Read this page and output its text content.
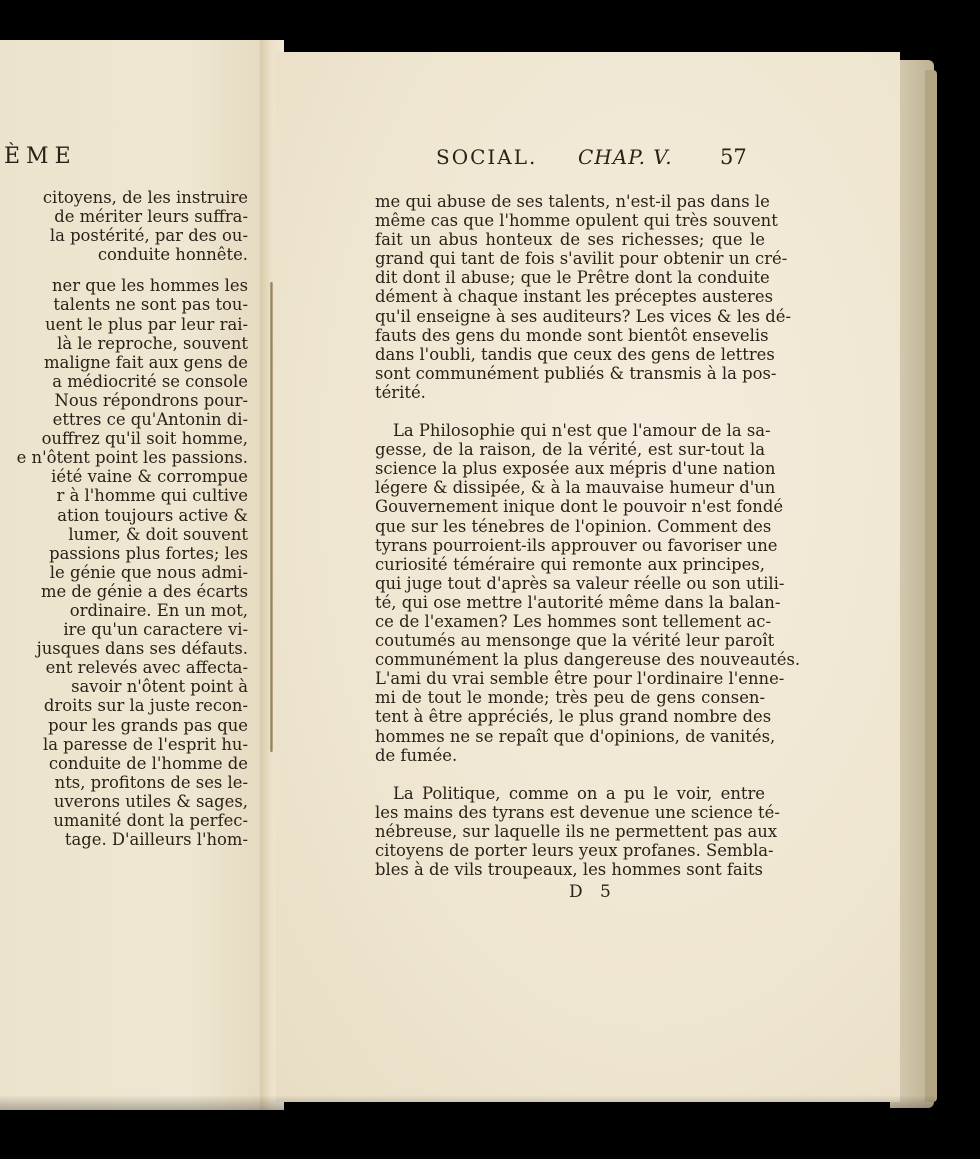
ÈME
citoyens, de les instruire
de mériter leurs suffra-
la postérité, par des ou-
conduite honnête.
ner que les hommes les
talents ne sont pas tou-
uent le plus par leur rai-
là le reproche, souvent
maligne fait aux gens de
a médiocrité se console
Nous répondrons pour-
ettres ce qu'Antonin di-
ouffrez qu'il soit homme,
e n'ôtent point les passions.
iété vaine & corrompue
r à l'homme qui cultive
ation toujours active &
lumer, & doit souvent
passions plus fortes; les
le génie que nous admi-
me de génie a des écarts
ordinaire. En un mot,
ire qu'un caractere vi-
jusques dans ses défauts.
ent relevés avec affecta-
savoir n'ôtent point à
droits sur la juste recon-
pour les grands pas que
la paresse de l'esprit hu-
conduite de l'homme de
nts, profitons de ses le-
uverons utiles & sages,
umanité dont la perfec-
tage. D'ailleurs l'hom-
SOCIAL. CHAP. V. 57
me qui abuse de ses talents, n'est-il pas dans le
même cas que l'homme opulent qui très souvent
fait un abus honteux de ses richesses; que le
grand qui tant de fois s'avilit pour obtenir un cré-
dit dont il abuse; que le Prêtre dont la conduite
dément à chaque instant les préceptes austeres
qu'il enseigne à ses auditeurs? Les vices & les dé-
fauts des gens du monde sont bientôt ensevelis
dans l'oubli, tandis que ceux des gens de lettres
sont communément publiés & transmis à la pos-
térité.
La Philosophie qui n'est que l'amour de la sa-
gesse, de la raison, de la vérité, est sur-tout la
science la plus exposée aux mépris d'une nation
légere & dissipée, & à la mauvaise humeur d'un
Gouvernement inique dont le pouvoir n'est fondé
que sur les ténebres de l'opinion. Comment des
tyrans pourroient-ils approuver ou favoriser une
curiosité téméraire qui remonte aux principes,
qui juge tout d'après sa valeur réelle ou son utili-
té, qui ose mettre l'autorité même dans la balan-
ce de l'examen? Les hommes sont tellement ac-
coutumés au mensonge que la vérité leur paroît
communément la plus dangereuse des nouveautés.
L'ami du vrai semble être pour l'ordinaire l'enne-
mi de tout le monde; très peu de gens consen-
tent à être appréciés, le plus grand nombre des
hommes ne se repaît que d'opinions, de vanités,
de fumée.
La Politique, comme on a pu le voir, entre
les mains des tyrans est devenue une science té-
nébreuse, sur laquelle ils ne permettent pas aux
citoyens de porter leurs yeux profanes. Sembla-
bles à de vils troupeaux, les hommes sont faits
D 5
